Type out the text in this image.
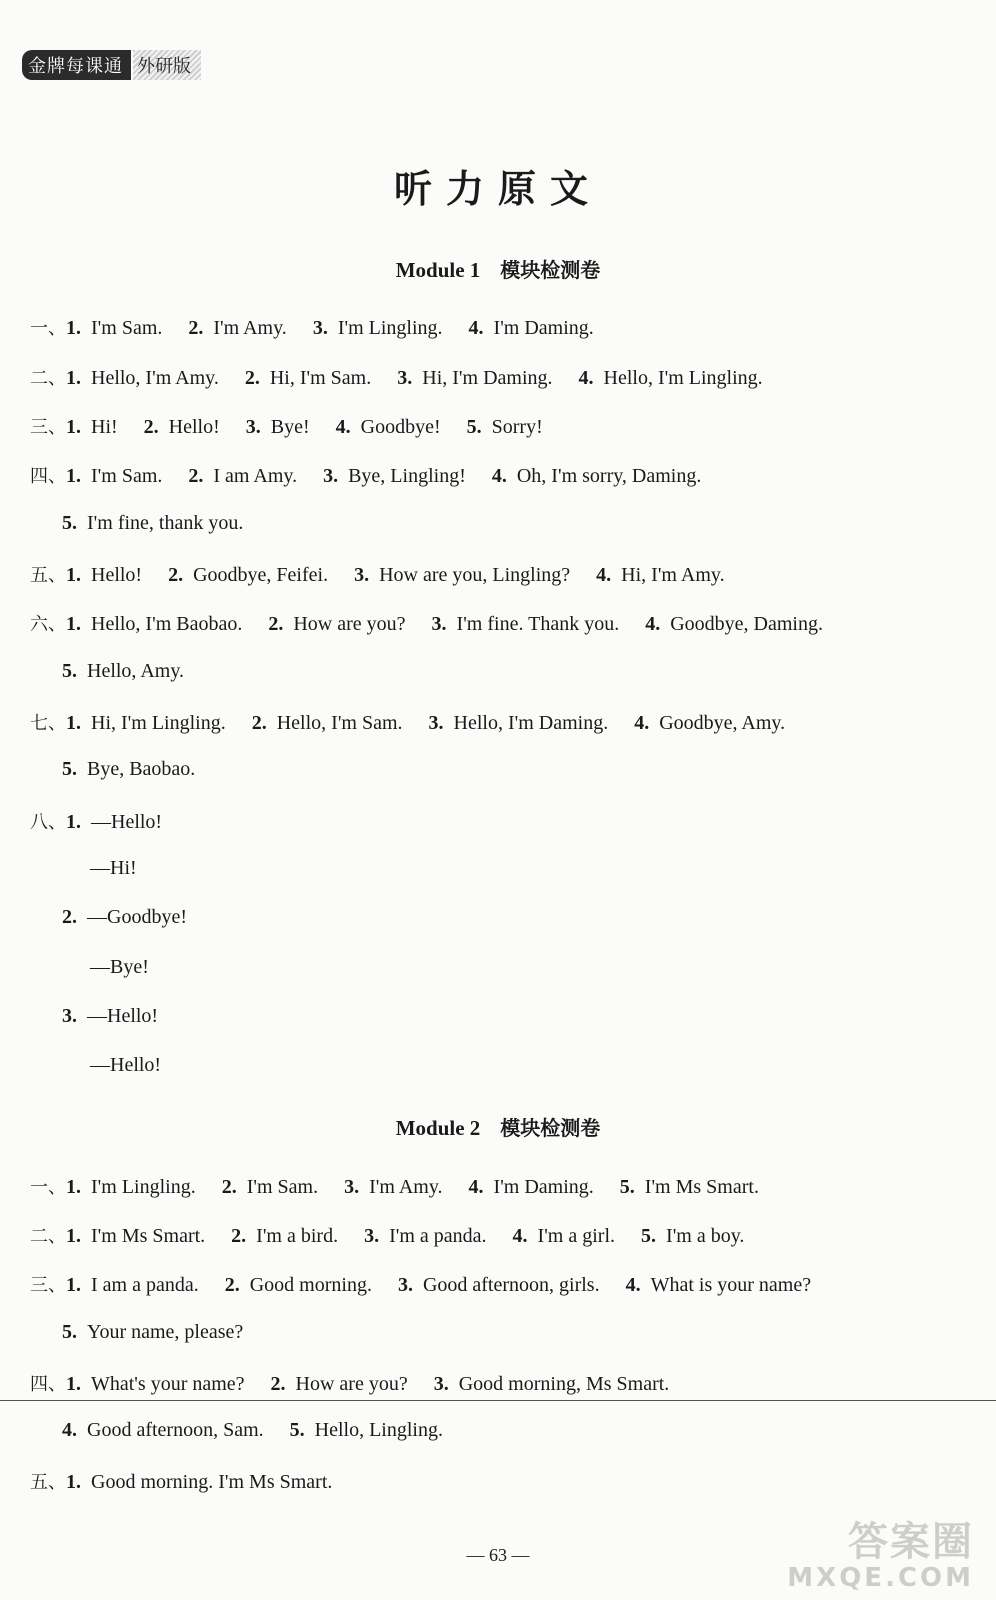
金牌每课通 外研版
听力原文
Module 1 模块检测卷
Module 2 模块检测卷
一、 1. I'm Sam. 2. I'm Amy. 3. I'm Lingling. 4. I'm Daming.
二、 1. Hello, I'm Amy. 2. Hi, I'm Sam. 3. Hi, I'm Daming. 4. Hello, I'm Lingling.
三、 1. Hi! 2. Hello! 3. Bye! 4. Goodbye! 5. Sorry!
四、 1. I'm Sam. 2. I am Amy. 3. Bye, Lingling! 4. Oh, I'm sorry, Daming.
5. I'm fine, thank you.
五、 1. Hello! 2. Goodbye, Feifei. 3. How are you, Lingling? 4. Hi, I'm Amy.
六、 1. Hello, I'm Baobao. 2. How are you? 3. I'm fine. Thank you. 4. Goodbye, Daming.
5. Hello, Amy.
七、 1. Hi, I'm Lingling. 2. Hello, I'm Sam. 3. Hello, I'm Daming. 4. Goodbye, Amy.
5. Bye, Baobao.
八、 1. —Hello!
—Hi!
2. —Goodbye!
—Bye!
3. —Hello!
—Hello!
一、 1. I'm Lingling. 2. I'm Sam. 3. I'm Amy. 4. I'm Daming. 5. I'm Ms Smart.
二、 1. I'm Ms Smart. 2. I'm a bird. 3. I'm a panda. 4. I'm a girl. 5. I'm a boy.
三、 1. I am a panda. 2. Good morning. 3. Good afternoon, girls. 4. What is your name?
5. Your name, please?
四、 1. What's your name? 2. How are you? 3. Good morning, Ms Smart.
4. Good afternoon, Sam. 5. Hello, Lingling.
五、 1. Good morning. I'm Ms Smart.
— 63 —	答案圈
MXQE.COM
